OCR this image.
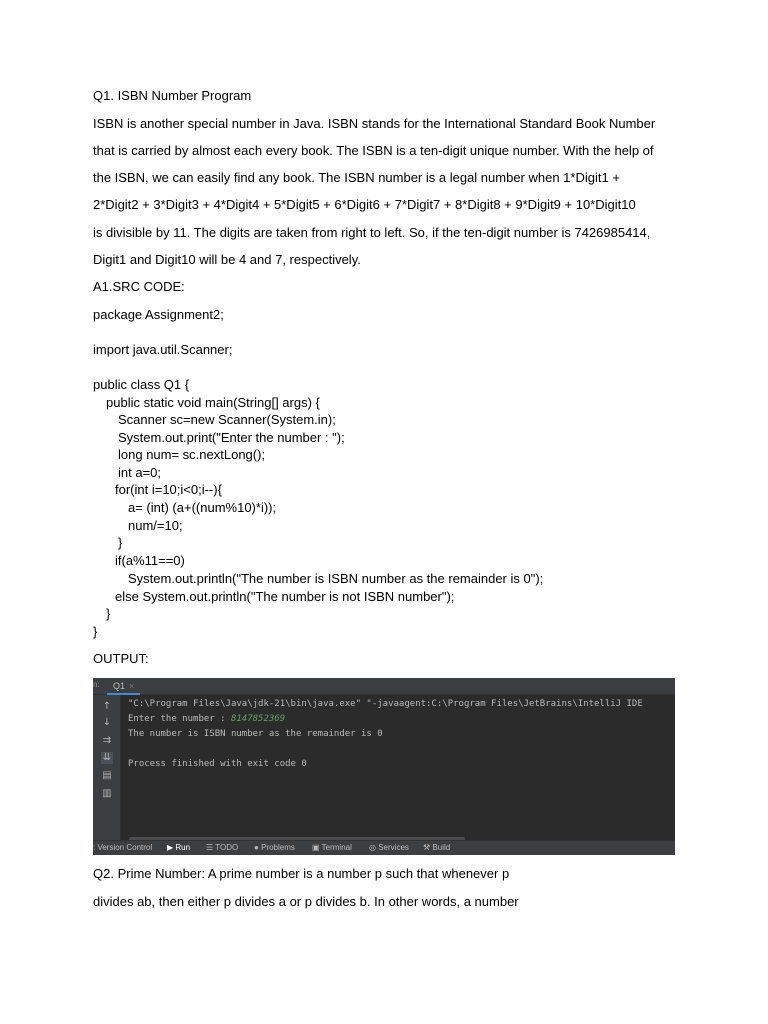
Q1. ISBN Number Program
ISBN is another special number in Java. ISBN stands for the International Standard Book Number
that is carried by almost each every book. The ISBN is a ten-digit unique number. With the help of
the ISBN, we can easily find any book. The ISBN number is a legal number when 1*Digit1 +
2*Digit2 + 3*Digit3 + 4*Digit4 + 5*Digit5 + 6*Digit6 + 7*Digit7 + 8*Digit8 + 9*Digit9 + 10*Digit10
is divisible by 11. The digits are taken from right to left. So, if the ten-digit number is 7426985414,
Digit1 and Digit10 will be 4 and 7, respectively.
A1.SRC CODE:
package Assignment2;
import java.util.Scanner;
public class Q1 {
public static void main(String[] args) {
Scanner sc=new Scanner(System.in);
System.out.print("Enter the number : ");
long num= sc.nextLong();
int a=0;
for(int i=10;i<0;i--){
a= (int) (a+((num%10)*i));
num/=10;
}
if(a%11==0)
System.out.println("The number is ISBN number as the remainder is 0");
else System.out.println("The number is not ISBN number");
}
}
OUTPUT:
n:	Q1 ×
↑
↓
⇉
⇊
▤
▥
"C:\Program Files\Java\jdk-21\bin\java.exe" "-javaagent:C:\Program Files\JetBrains\IntelliJ IDE
Enter the number : 8147852369
The number is ISBN number as the remainder is 0
Process finished with exit code 0
: Version Control ▶ Run ☰ TODO ● Problems ▣ Terminal ◎ Services ⚒ Build
Q2. Prime Number: A prime number is a number p such that whenever p
divides ab, then either p divides a or p divides b. In other words, a number
